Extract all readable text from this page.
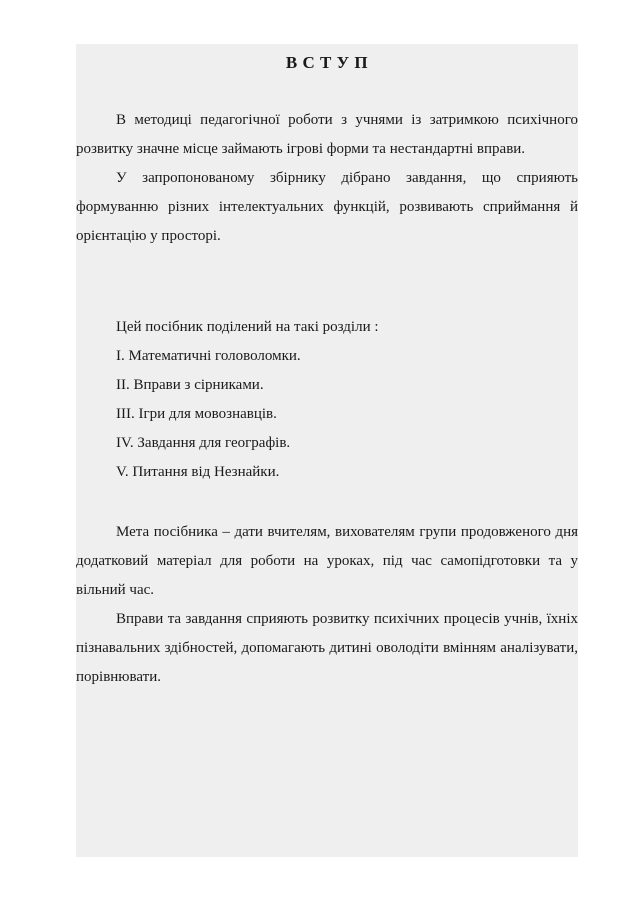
В С Т У П

В методиці педагогічної роботи з учнями із затримкою психічного розвитку значне місце займають ігрові форми та нестандартні вправи.

У запропонованому збірнику дібрано завдання, що сприяють формуванню різних інтелектуальних функцій, розвивають сприймання й орієнтацію у просторі.

Цей посібник поділений на такі розділи :

І. Математичні головоломки.

ІІ. Вправи з сірниками.

ІІІ. Ігри для мовознавців.

ІV. Завдання для географів.

V. Питання від Незнайки.

Мета посібника – дати вчителям, вихователям групи продовженого дня додатковий матеріал для роботи на уроках, під час самопідготовки та у вільний час.

Вправи та завдання сприяють розвитку психічних процесів учнів, їхніх пізнавальних здібностей, допомагають дитині оволодіти вмінням аналізувати, порівнювати.
